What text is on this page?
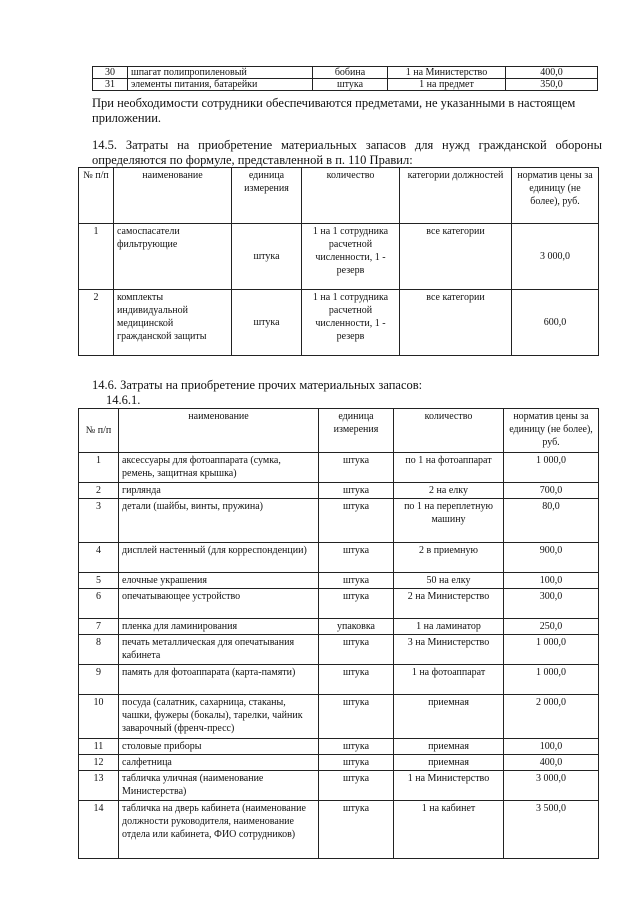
30	шпагат полипропиленовый	бобина	1 на Министерство	400,0
31	элементы питания, батарейки	штука	1 на предмет	350,0
При необходимости сотрудники обеспечиваются предметами, не указанными в настоящем приложении.
14.5. Затраты на приобретение материальных запасов для нужд гражданской обороны определяются по формуле, представленной в п. 110 Правил:
№ п/п	наименование	единица измерения	количество	категории должностей	норматив цены за единицу (не более), руб.
1	самоспасатели фильтрующие	штука	1 на 1 сотрудника расчетной численности, 1 - резерв	все категории	3 000,0
2	комплекты индивидуальной медицинской гражданской защиты	штука	1 на 1 сотрудника расчетной численности, 1 - резерв	все категории	600,0
14.6. Затраты на приобретение прочих материальных запасов:
14.6.1.
№ п/п	наименование	единица измерения	количество	норматив цены за единицу (не более), руб.
1	аксессуары для фотоаппарата (сумка, ремень, защитная крышка)	штука	по 1 на фотоаппарат	1 000,0
2	гирлянда	штука	2 на елку	700,0
3	детали (шайбы, винты, пружина)	штука	по 1 на переплетную машину	80,0
4	дисплей настенный (для корреспонденции)	штука	2 в приемную	900,0
5	елочные украшения	штука	50 на елку	100,0
6	опечатывающее устройство	штука	2 на Министерство	300,0
7	пленка для ламинирования	упаковка	1 на ламинатор	250,0
8	печать металлическая для опечатывания кабинета	штука	3 на Министерство	1 000,0
9	память для фотоаппарата (карта-памяти)	штука	1 на фотоаппарат	1 000,0
10	посуда (салатник, сахарница, стаканы, чашки, фужеры (бокалы), тарелки, чайник заварочный (френч-пресс)	штука	приемная	2 000,0
11	столовые приборы	штука	приемная	100,0
12	салфетница	штука	приемная	400,0
13	табличка уличная (наименование Министерства)	штука	1 на Министерство	3 000,0
14	табличка на дверь кабинета (наименование должности руководителя, наименование отдела или кабинета, ФИО сотрудников)	штука	1 на кабинет	3 500,0
